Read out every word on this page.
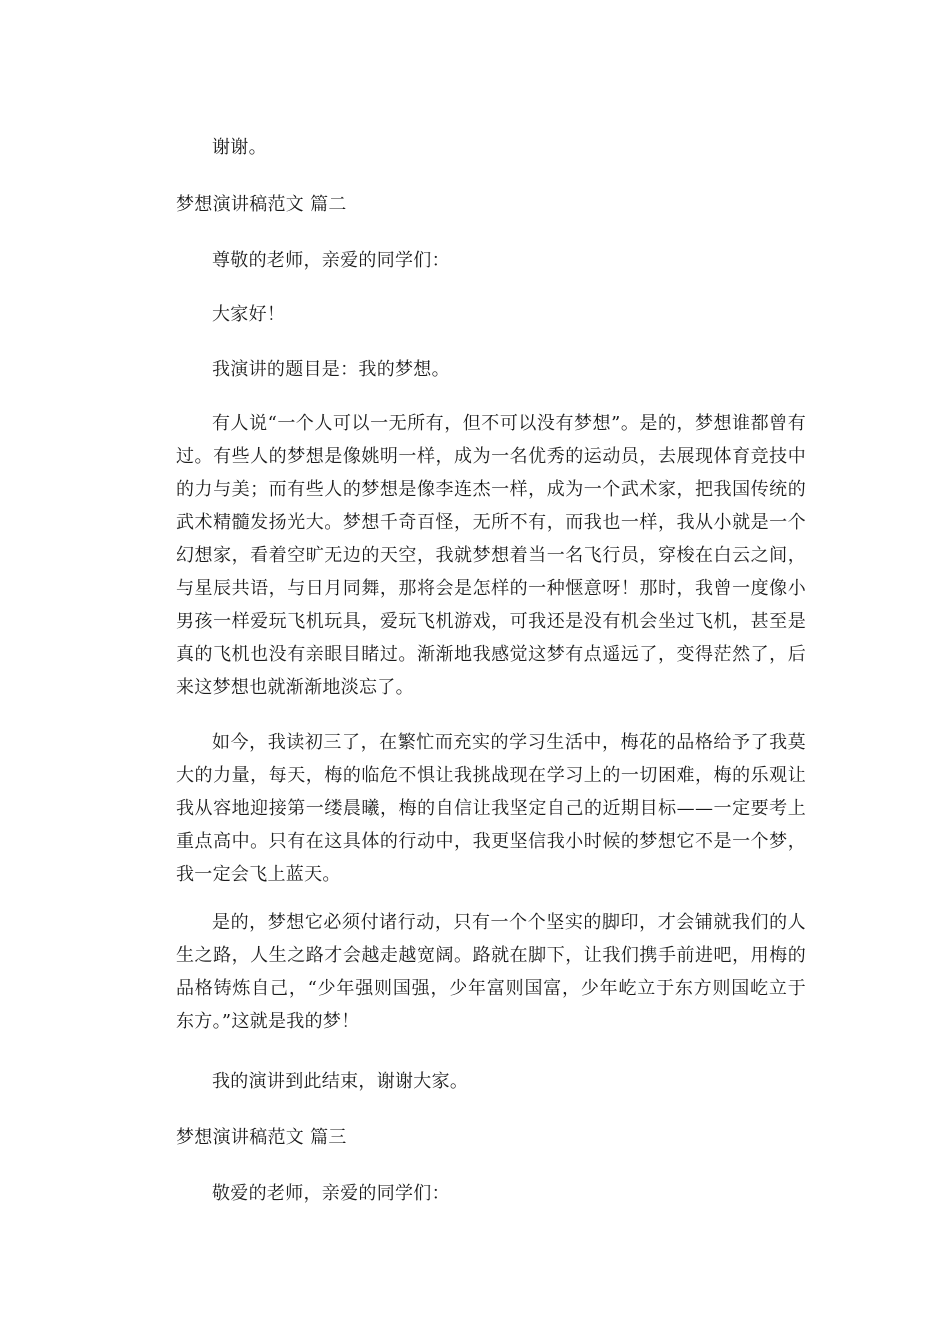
谢谢。

梦想演讲稿范文 篇二

尊敬的老师，亲爱的同学们：

大家好！

我演讲的题目是：我的梦想。

有人说“一个人可以一无所有，但不可以没有梦想”。是的，梦想谁都曾有过。有些人的梦想是像姚明一样，成为一名优秀的运动员，去展现体育竞技中的力与美；而有些人的梦想是像李连杰一样，成为一个武术家，把我国传统的武术精髓发扬光大。梦想千奇百怪，无所不有，而我也一样，我从小就是一个幻想家，看着空旷无边的天空，我就梦想着当一名飞行员，穿梭在白云之间，与星辰共语，与日月同舞，那将会是怎样的一种惬意呀！那时，我曾一度像小男孩一样爱玩飞机玩具，爱玩飞机游戏，可我还是没有机会坐过飞机，甚至是真的飞机也没有亲眼目睹过。渐渐地我感觉这梦有点遥远了，变得茫然了，后来这梦想也就渐渐地淡忘了。

如今，我读初三了，在繁忙而充实的学习生活中，梅花的品格给予了我莫大的力量，每天，梅的临危不惧让我挑战现在学习上的一切困难，梅的乐观让我从容地迎接第一缕晨曦，梅的自信让我坚定自己的近期目标——一定要考上重点高中。只有在这具体的行动中，我更坚信我小时候的梦想它不是一个梦，我一定会飞上蓝天。

是的，梦想它必须付诸行动，只有一个个坚实的脚印，才会铺就我们的人生之路，人生之路才会越走越宽阔。路就在脚下，让我们携手前进吧，用梅的品格铸炼自己，“少年强则国强，少年富则国富，少年屹立于东方则国屹立于东方。”这就是我的梦！

我的演讲到此结束，谢谢大家。

梦想演讲稿范文 篇三

敬爱的老师，亲爱的同学们：
